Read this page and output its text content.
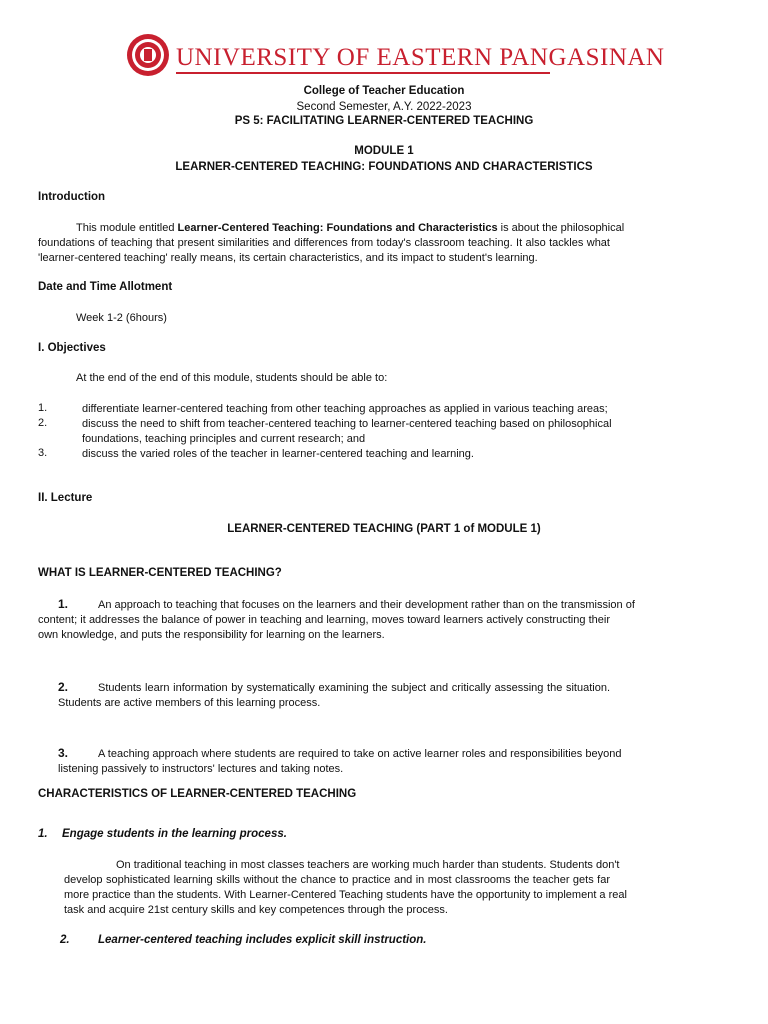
UNIVERSITY OF EASTERN PANGASINAN
College of Teacher Education
Second Semester, A.Y. 2022-2023
PS 5: FACILITATING LEARNER-CENTERED TEACHING
MODULE 1
LEARNER-CENTERED TEACHING: FOUNDATIONS AND CHARACTERISTICS
Introduction
This module entitled Learner-Centered Teaching: Foundations and Characteristics is about the philosophical
foundations of teaching that present similarities and differences from today's classroom teaching. It also tackles what
'learner-centered teaching' really means, its certain characteristics, and its impact to student's learning.
Date and Time Allotment
Week 1-2 (6hours)
I. Objectives
At the end of the end of this module, students should be able to:
1.	differentiate learner-centered teaching from other teaching approaches as applied in various teaching areas;
2.	discuss the need to shift from teacher-centered teaching to learner-centered teaching based on philosophical
foundations, teaching principles and current research; and
3.	discuss the varied roles of the teacher in learner-centered teaching and learning.
II. Lecture
LEARNER-CENTERED TEACHING (PART 1 of MODULE 1)
WHAT IS LEARNER-CENTERED TEACHING?
1.	An approach to teaching that focuses on the learners and their development rather than on the transmission of
content; it addresses the balance of power in teaching and learning, moves toward learners actively constructing their
own knowledge, and puts the responsibility for learning on the learners.
2.	Students learn information by systematically examining the subject and critically assessing the situation.
Students are active members of this learning process.
3.	A teaching approach where students are required to take on active learner roles and responsibilities beyond
listening passively to instructors' lectures and taking notes.
CHARACTERISTICS OF LEARNER-CENTERED TEACHING
1. Engage students in the learning process.
On traditional teaching in most classes teachers are working much harder than students. Students don't
develop sophisticated learning skills without the chance to practice and in most classrooms the teacher gets far
more practice than the students. With Learner-Centered Teaching students have the opportunity to implement a real
task and acquire 21st century skills and key competences through the process.
2. Learner-centered teaching includes explicit skill instruction.
